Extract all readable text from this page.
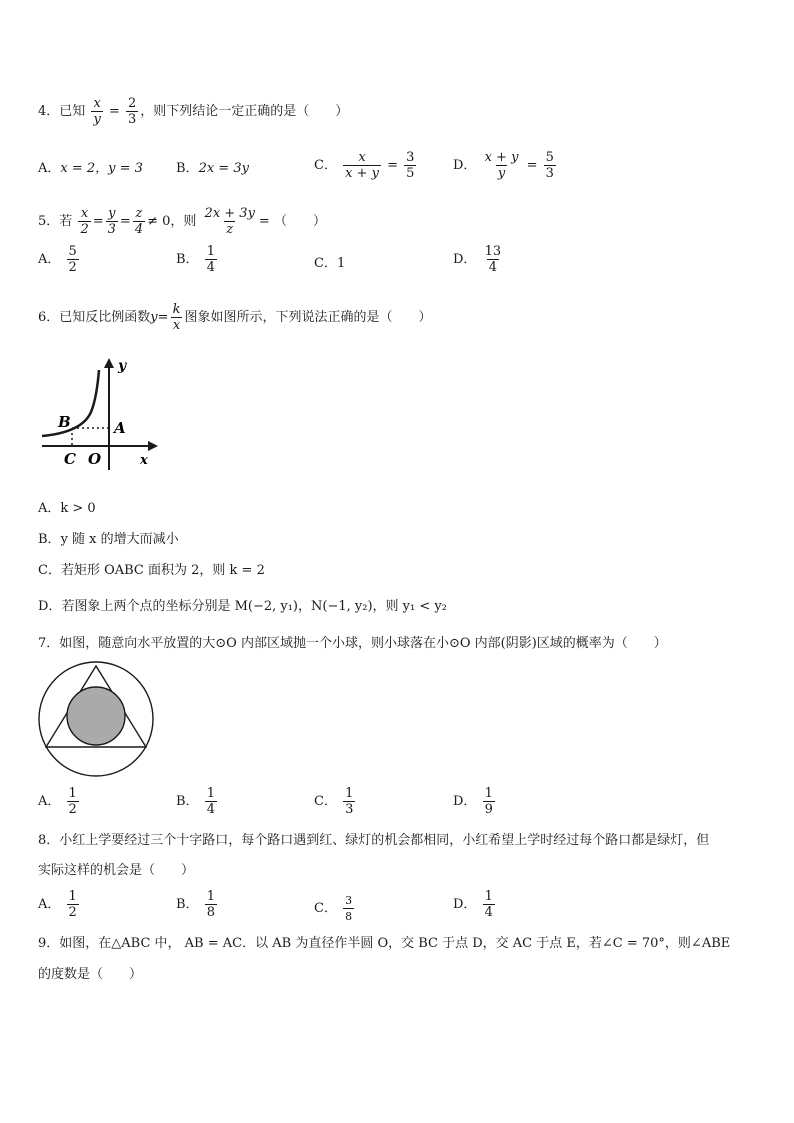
4．已知 $\frac{x}{y} = \frac{2}{3}$ ，则下列结论一定正确的是（　　）
A．x = 2，y = 3	B．2x = 3y	C． $\frac{x}{x + y} = \frac{3}{5}$	D． $\frac{x + y}{y} = \frac{5}{3}$
5．若 $\frac{x}{2} = \frac{y}{3} = \frac{z}{4} \ne 0$，则 $\frac{2x + 3y}{z}$ = （　　）
A． $\frac{5}{2}$	B． $\frac{1}{4}$	C．1	D． $\frac{13}{4}$
6．已知反比例函数$y= \frac{k}{x}$ 图象如图所示，下列说法正确的是（　　）
y
x
B	A
C O
A．k > 0
B．y 随 x 的增大而减小
C．若矩形 OABC 面积为 2，则 k = 2
D．若图象上两个点的坐标分别是 M(−2, y₁)，N(−1, y₂)，则 y₁ < y₂
7．如图，随意向水平放置的大⊙O 内部区域抛一个小球，则小球落在小⊙O 内部(阴影)区域的概率为（　　）
A． $\frac{1}{2}$	B． $\frac{1}{4}$	C． $\frac{1}{3}$	D． $\frac{1}{9}$
8．小红上学要经过三个十字路口，每个路口遇到红、绿灯的机会都相同，小红希望上学时经过每个路口都是绿灯，但
实际这样的机会是（　　）
A． $\frac{1}{2}$	B． $\frac{1}{8}$	C． $\frac{3}{8}$	D． $\frac{1}{4}$
9．如图，在△ABC 中， AB = AC．以 AB 为直径作半圆 O，交 BC 于点 D，交 AC 于点 E，若∠C = 70°，则∠ABE
的度数是（　　）
